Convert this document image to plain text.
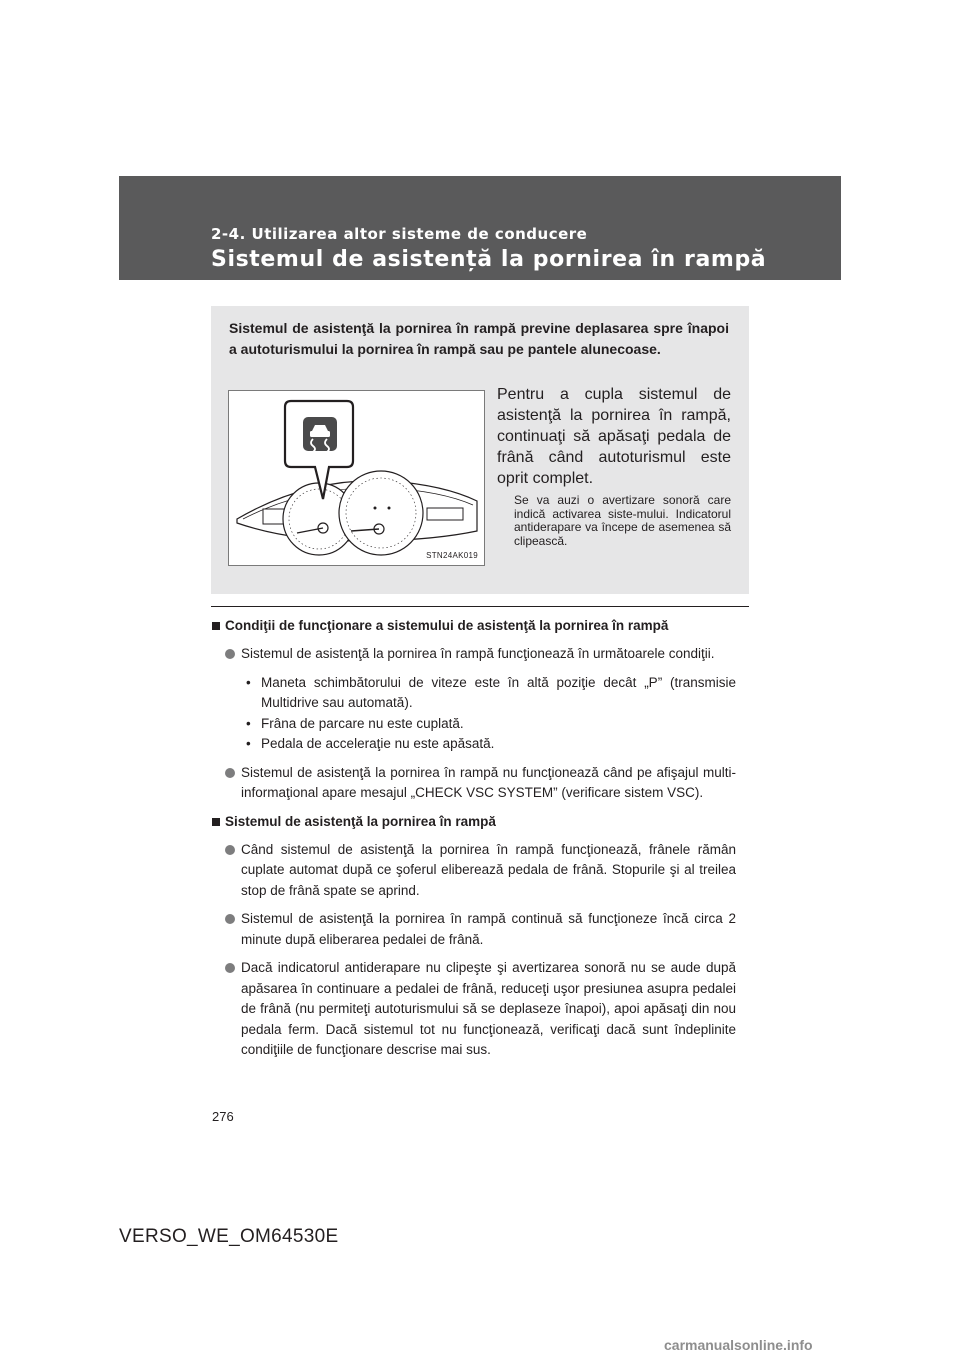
2-4. Utilizarea altor sisteme de conducere

Sistemul de asistență la pornirea în rampă

Sistemul de asistenţă la pornirea în rampă previne deplasarea spre înapoi a autoturismului la pornirea în rampă sau pe pantele alunecoase.

STN24AK019

Pentru a cupla sistemul de asistenţă la pornirea în rampă, continuaţi să apăsaţi pedala de frână când autoturismul este oprit complet.

Se va auzi o avertizare sonoră care indică activarea siste-mului. Indicatorul antiderapare va începe de asemenea să clipească.

Condiţii de funcţionare a sistemului de asistenţă la pornirea în rampă

Sistemul de asistenţă la pornirea în rampă funcţionează în următoarele condiţii.

• Maneta schimbătorului de viteze este în altă poziţie decât „P” (transmisie Multidrive sau automată).

• Frâna de parcare nu este cuplată.

• Pedala de acceleraţie nu este apăsată.

Sistemul de asistenţă la pornirea în rampă nu funcţionează când pe afişajul multi-informaţional apare mesajul „CHECK VSC SYSTEM” (verificare sistem VSC).

Sistemul de asistenţă la pornirea în rampă

Când sistemul de asistenţă la pornirea în rampă funcţionează, frânele rămân cuplate automat după ce şoferul eliberează pedala de frână. Stopurile şi al treilea stop de frână spate se aprind.

Sistemul de asistenţă la pornirea în rampă continuă să funcţioneze încă circa 2 minute după eliberarea pedalei de frână.

Dacă indicatorul antiderapare nu clipeşte şi avertizarea sonoră nu se aude după apăsarea în continuare a pedalei de frână, reduceţi uşor presiunea asupra pedalei de frână (nu permiteţi autoturismului să se deplaseze înapoi), apoi apăsaţi din nou pedala ferm. Dacă sistemul tot nu funcţionează, verificaţi dacă sunt îndeplinite condiţiile de funcţionare descrise mai sus.

276

VERSO_WE_OM64530E

carmanualsonline.info
